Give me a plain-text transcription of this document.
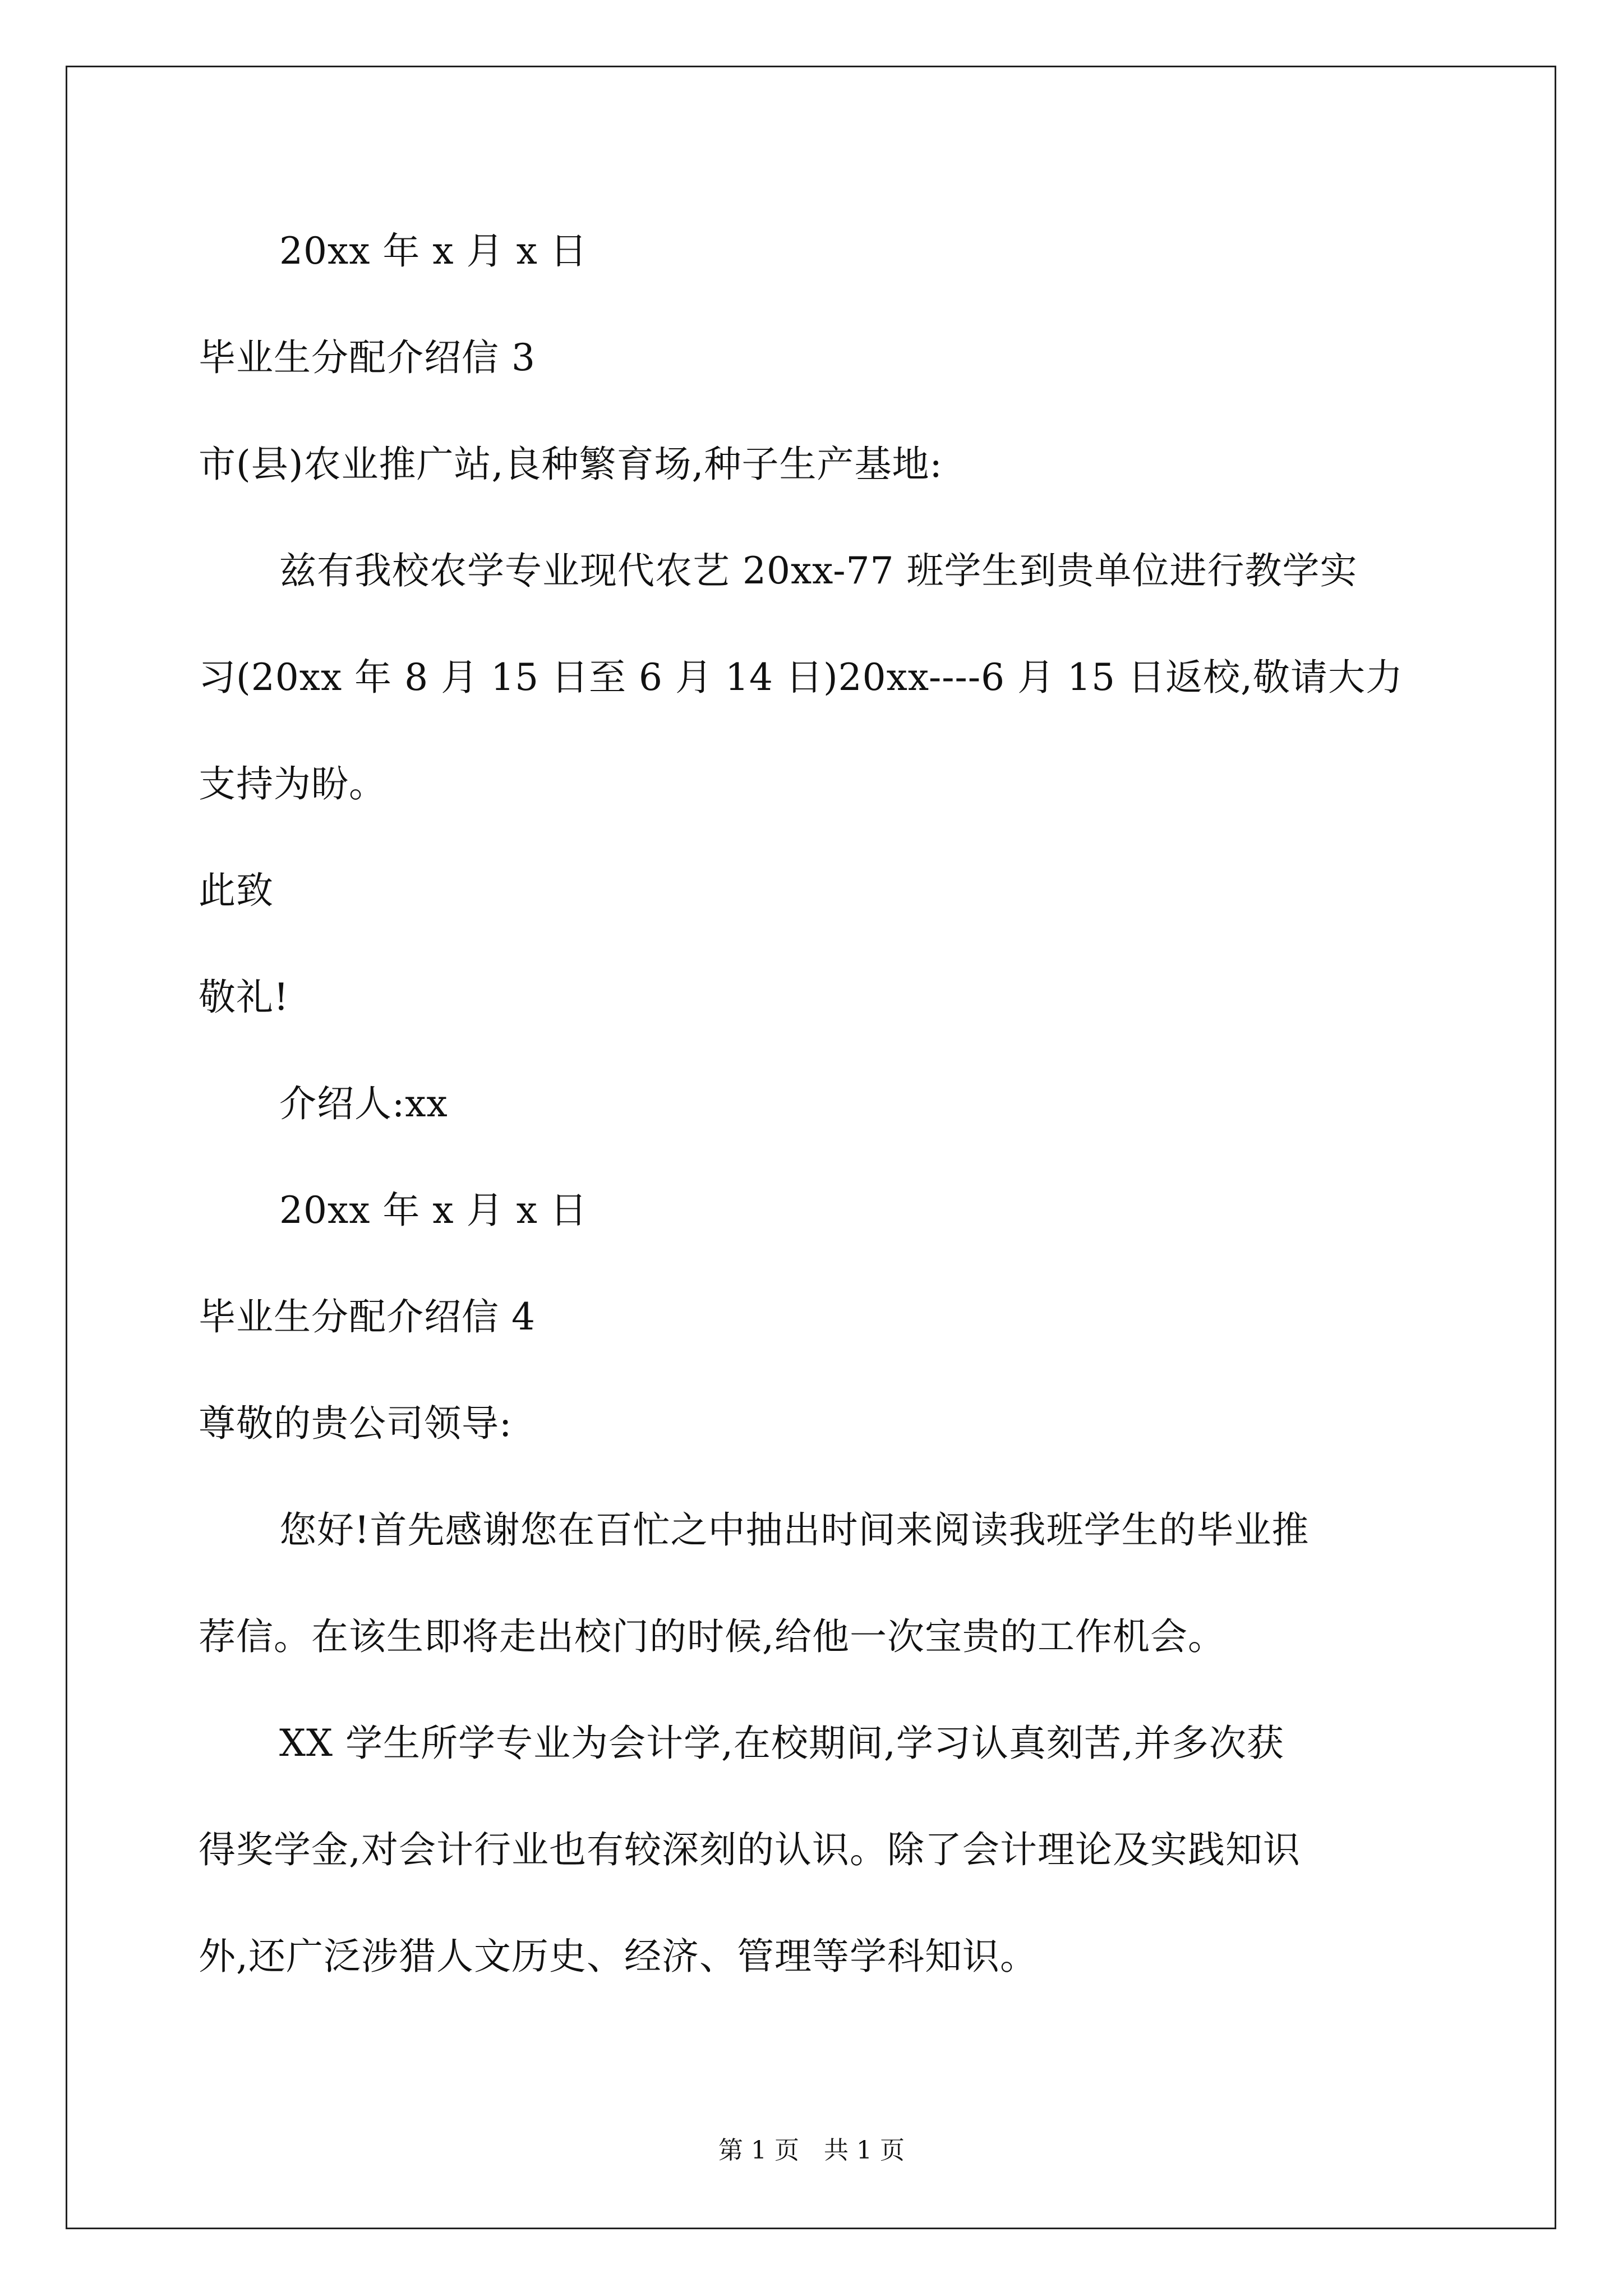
20xx 年 x 月 x 日
毕业生分配介绍信 3
市(县)农业推广站,良种繁育场,种子生产基地:
兹有我校农学专业现代农艺 20xx-77 班学生到贵单位进行教学实
习(20xx 年 8 月 15 日至 6 月 14 日)20xx----6 月 15 日返校,敬请大力
支持为盼。
此致
敬礼!
介绍人:xx
20xx 年 x 月 x 日
毕业生分配介绍信 4
尊敬的贵公司领导:
您好!首先感谢您在百忙之中抽出时间来阅读我班学生的毕业推
荐信。在该生即将走出校门的时候,给他一次宝贵的工作机会。
XX 学生所学专业为会计学,在校期间,学习认真刻苦,并多次获
得奖学金,对会计行业也有较深刻的认识。除了会计理论及实践知识
外,还广泛涉猎人文历史、经济、管理等学科知识。
第 1 页　共 1 页
